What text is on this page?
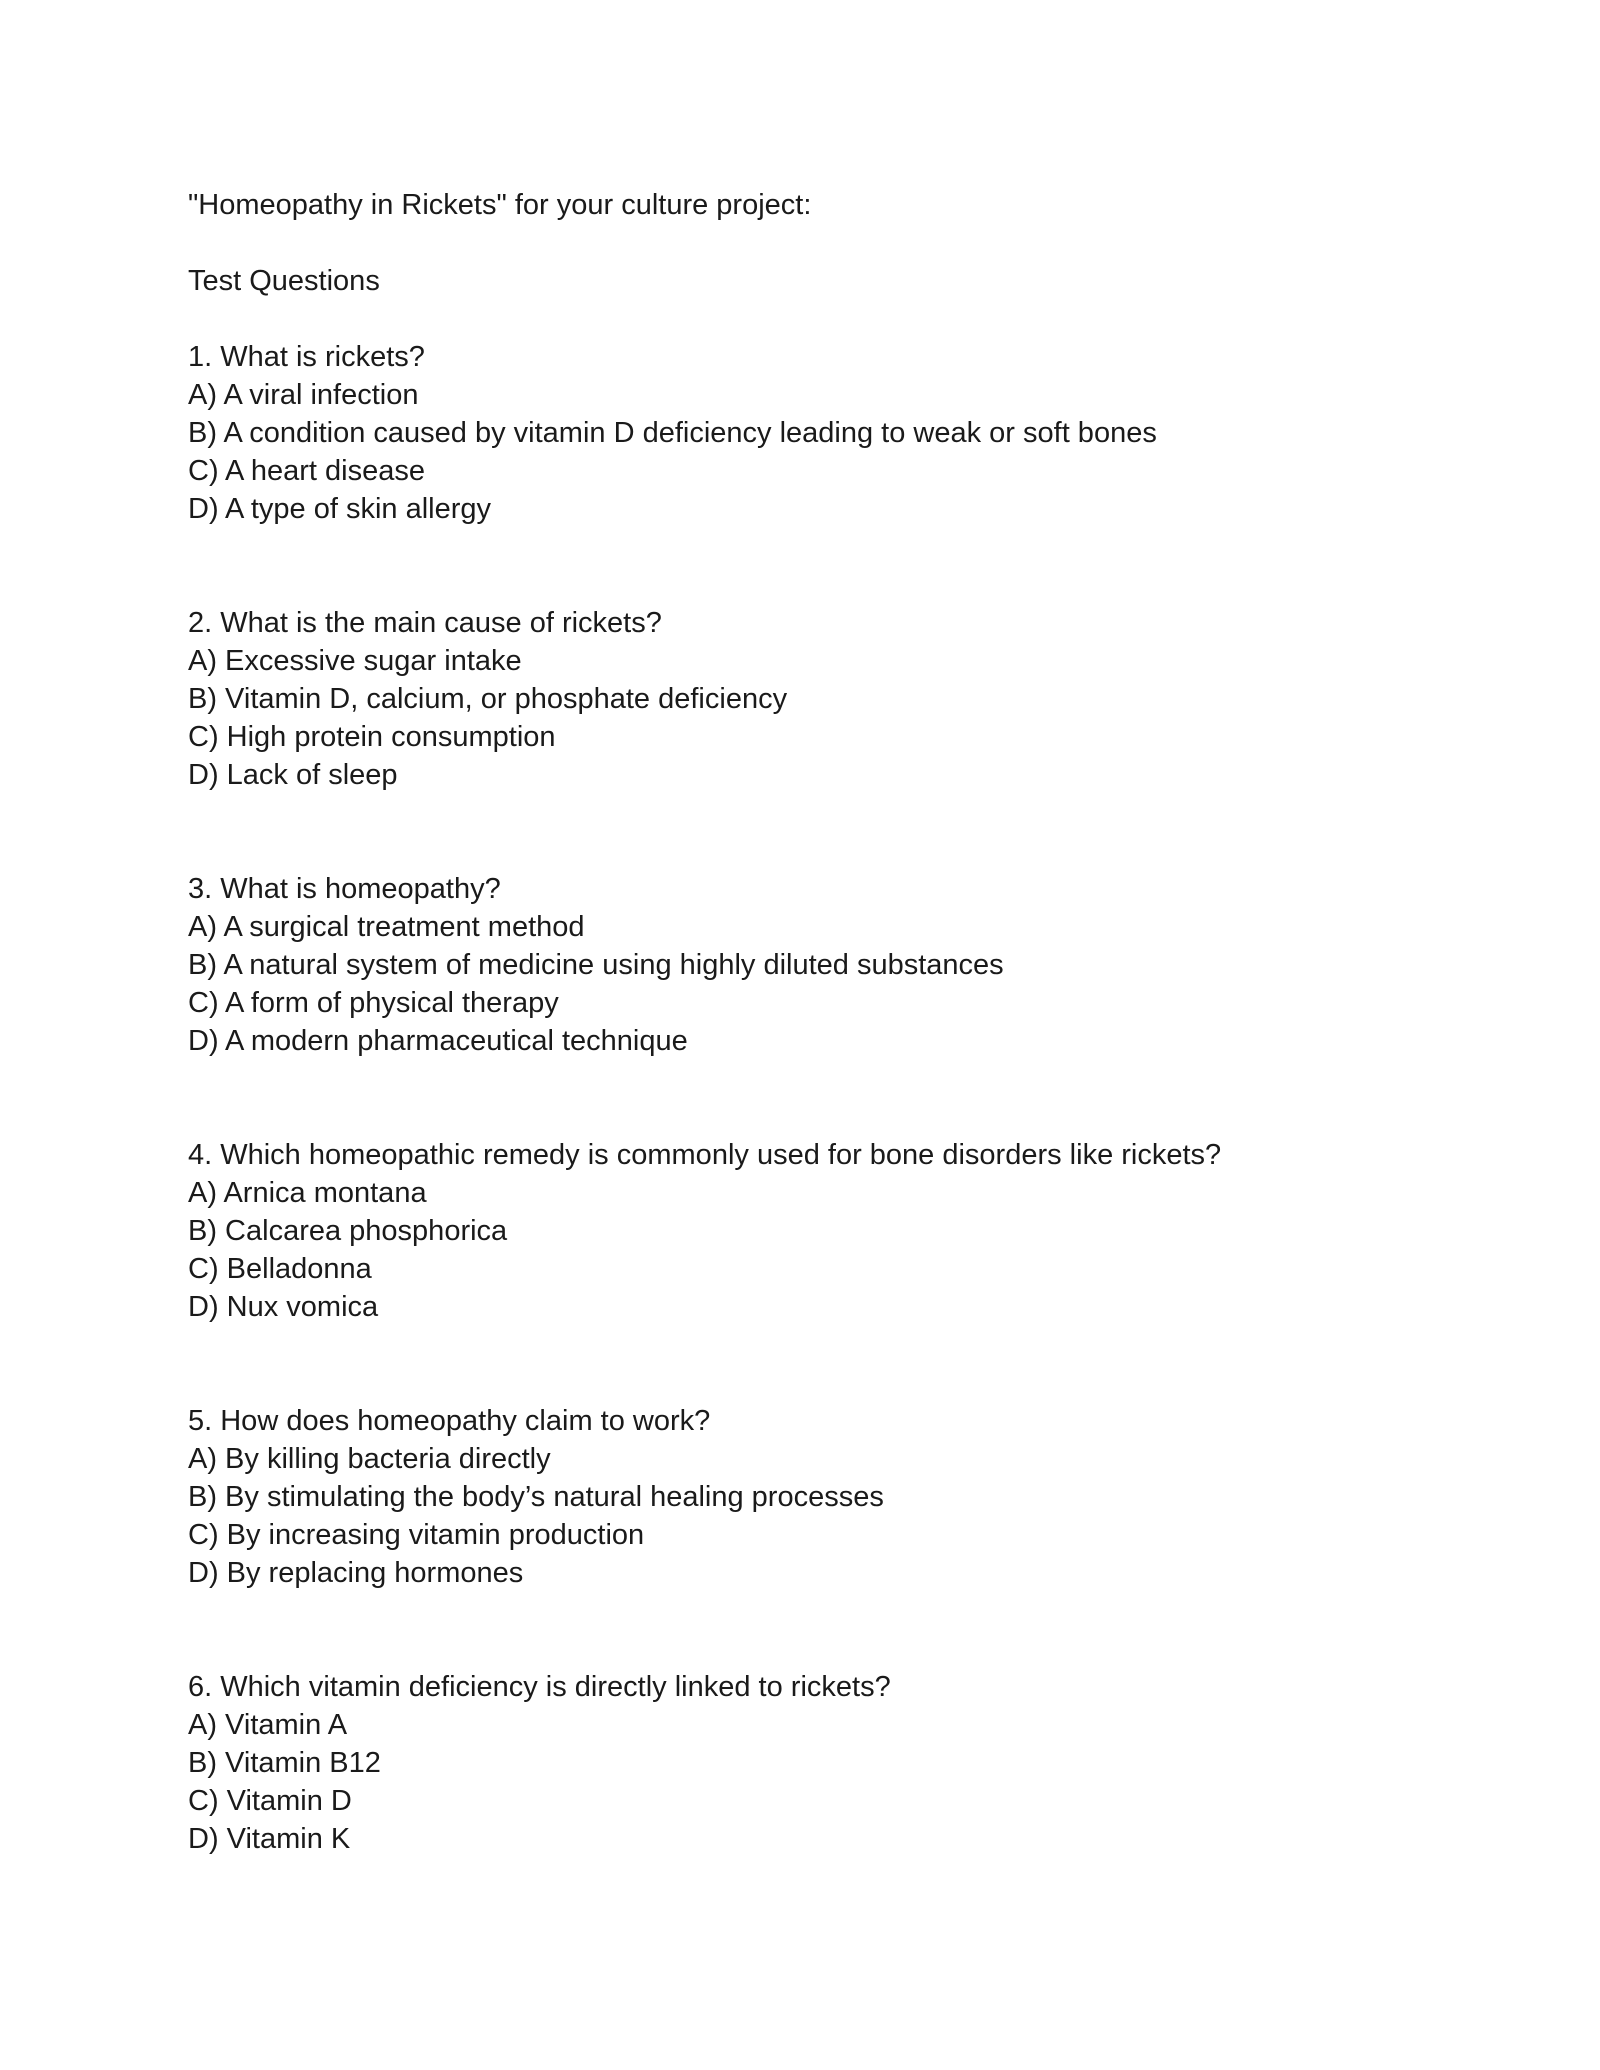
"Homeopathy in Rickets" for your culture project:

Test Questions

1. What is rickets?

A) A viral infection

B) A condition caused by vitamin D deficiency leading to weak or soft bones

C) A heart disease

D) A type of skin allergy

2. What is the main cause of rickets?

A) Excessive sugar intake

B) Vitamin D, calcium, or phosphate deficiency

C) High protein consumption

D) Lack of sleep

3. What is homeopathy?

A) A surgical treatment method

B) A natural system of medicine using highly diluted substances

C) A form of physical therapy

D) A modern pharmaceutical technique

4. Which homeopathic remedy is commonly used for bone disorders like rickets?

A) Arnica montana

B) Calcarea phosphorica

C) Belladonna

D) Nux vomica

5. How does homeopathy claim to work?

A) By killing bacteria directly

B) By stimulating the body’s natural healing processes

C) By increasing vitamin production

D) By replacing hormones

6. Which vitamin deficiency is directly linked to rickets?

A) Vitamin A

B) Vitamin B12

C) Vitamin D

D) Vitamin K
